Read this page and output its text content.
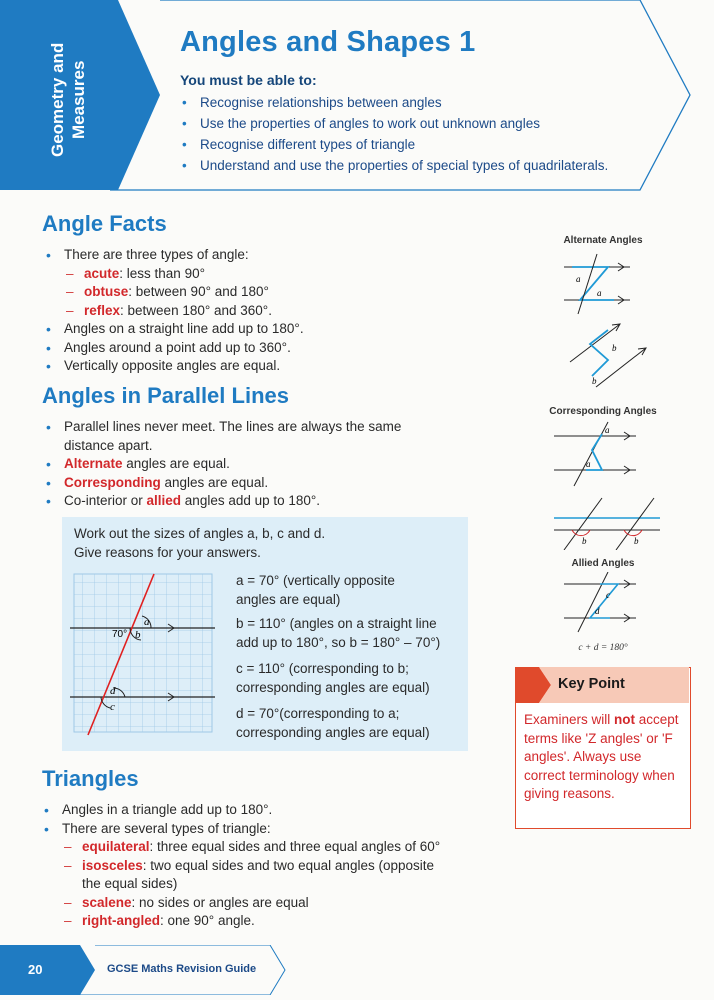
Geometry and Measures
Angles and Shapes 1
You must be able to:
• Recognise relationships between angles
• Use the properties of angles to work out unknown angles
• Recognise different types of triangle
• Understand and use the properties of special types of quadrilaterals.
Angle Facts
• There are three types of angle:
– acute: less than 90°
– obtuse: between 90° and 180°
– reflex: between 180° and 360°.
• Angles on a straight line add up to 180°.
• Angles around a point add up to 360°.
• Vertically opposite angles are equal.
Angles in Parallel Lines
• Parallel lines never meet. The lines are always the same
distance apart.
• Alternate angles are equal.
• Corresponding angles are equal.
• Co-interior or allied angles add up to 180°.
Work out the sizes of angles a, b, c and d.
Give reasons for your answers.
a
b
70°
d
c
a = 70° (vertically opposite
angles are equal)
b = 110° (angles on a straight line
add up to 180°, so b = 180° – 70°)
c = 110° (corresponding to b;
corresponding angles are equal)
d = 70°(corresponding to a;
corresponding angles are equal)
Triangles
• Angles in a triangle add up to 180°.
• There are several types of triangle:
– equilateral: three equal sides and three equal angles of 60°
– isosceles: two equal sides and two equal angles (opposite
the equal sides)
– scalene: no sides or angles are equal
– right-angled: one 90° angle.
Alternate Angles
a
a
b
b
Corresponding Angles
a
a
b	b
Allied Angles
c
d
c + d = 180°
Key Point
Examiners will not accept terms like 'Z angles' or 'F angles'. Always use correct terminology when giving reasons.
20	GCSE Maths Revision Guide
